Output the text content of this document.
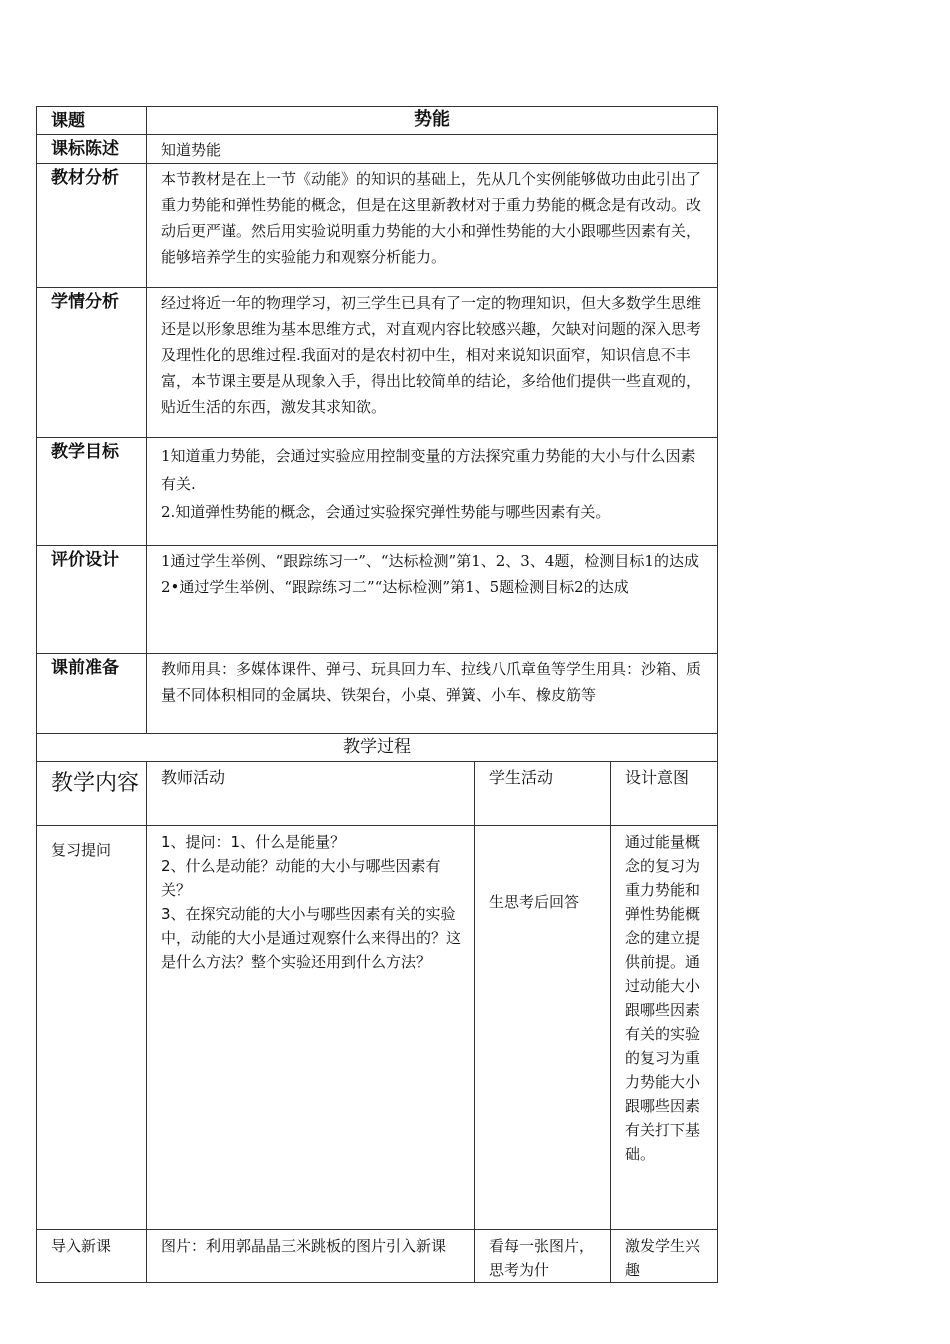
课题	势能		
课标陈述	知道势能		
教材分析	本节教材是在上一节《动能》的知识的基础上，先从几个实例能够做功由此引出了重力势能和弹性势能的概念，但是在这里新教材对于重力势能的概念是有改动。改动后更严谨。然后用实验说明重力势能的大小和弹性势能的大小跟哪些因素有关，能够培养学生的实验能力和观察分析能力。		
学情分析	经过将近一年的物理学习，初三学生已具有了一定的物理知识，但大多数学生思维还是以形象思维为基本思维方式，对直观内容比较感兴趣，欠缺对问题的深入思考及理性化的思维过程.我面对的是农村初中生，相对来说知识面窄，知识信息不丰富，本节课主要是从现象入手，得出比较简单的结论，多给他们提供一些直观的，贴近生活的东西，激发其求知欲。		
教学目标	1知道重力势能，会通过实验应用控制变量的方法探究重力势能的大小与什么因素有关.
2.知道弹性势能的概念，会通过实验探究弹性势能与哪些因素有关。		

评价设计	1通过学生举例、“跟踪练习一”、“达标检测”第1、2、3、4题，检测目标1的达成
2•通过学生举例、“跟踪练习二”“达标检测”第1、5题检测目标2的达成		

课前准备	教师用具：多媒体课件、弹弓、玩具回力车、拉线八爪章鱼等学生用具：沙箱、质量不同体积相同的金属块、铁架台，小桌、弹簧、小车、橡皮筋等		
教学过程			
教学内容	教师活动	学生活动	设计意图
复习提问	1、提问：1、什么是能量？
2、什么是动能？动能的大小与哪些因素有关？
3、在探究动能的大小与哪些因素有关的实验中，动能的大小是通过观察什么来得出的？这是什么方法？整个实验还用到什么方法？	生思考后回答	通过能量概念的复习为重力势能和弹性势能概念的建立提供前提。通过动能大小跟哪些因素有关的实验的复习为重力势能大小跟哪些因素有关打下基础。
导入新课	图片：利用郭晶晶三米跳板的图片引入新课	看每一张图片，思考为什	激发学生兴趣
